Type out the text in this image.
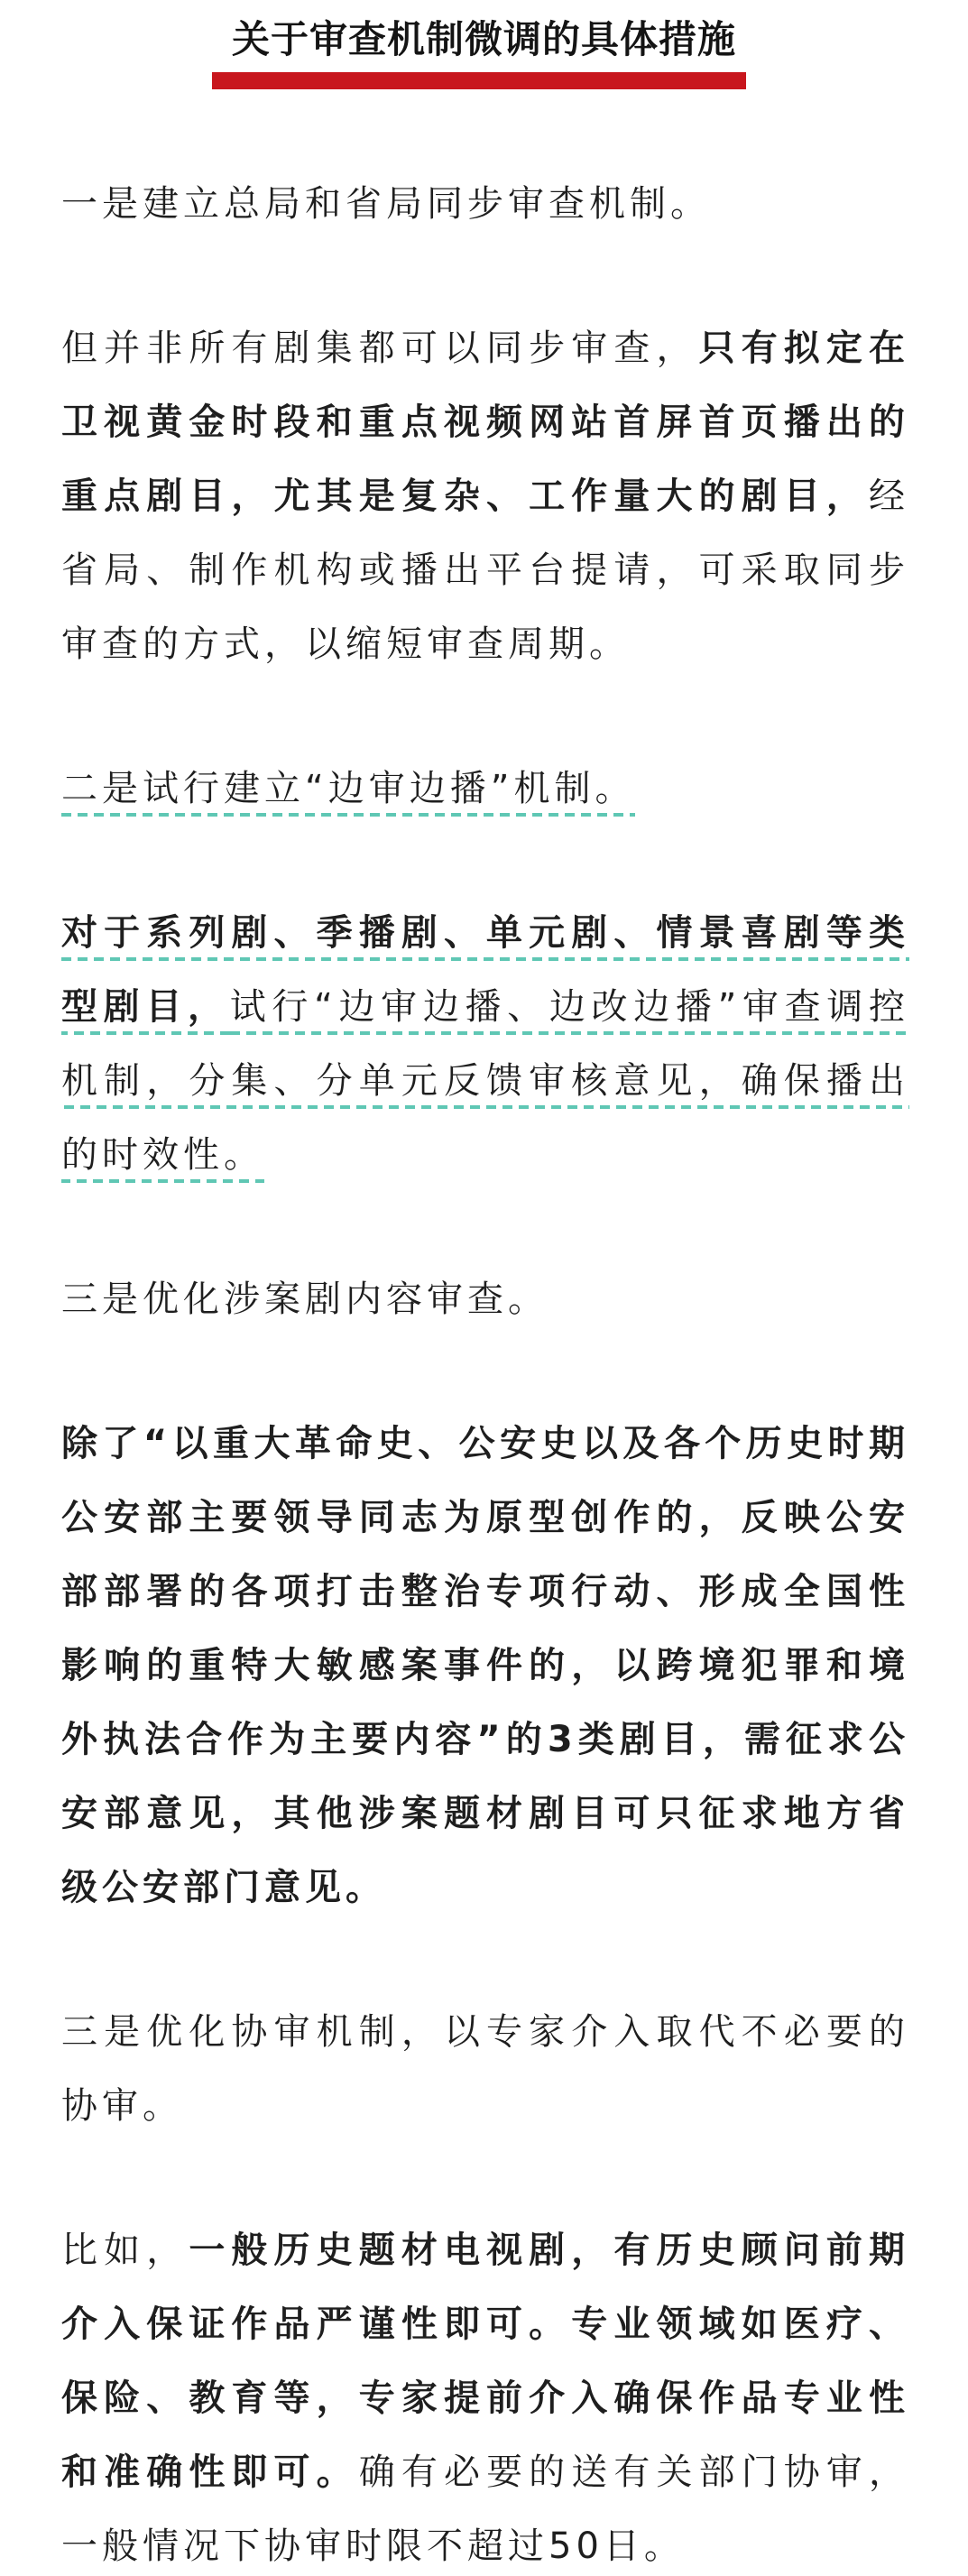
关于审查机制微调的具体措施

一是建立总局和省局同步审查机制。

但并非所有剧集都可以同步审查，只有拟定在卫视黄金时段和重点视频网站首屏首页播出的重点剧目，尤其是复杂、工作量大的剧目，经省局、制作机构或播出平台提请，可采取同步审查的方式，以缩短审查周期。

二是试行建立“边审边播”机制。

对于系列剧、季播剧、单元剧、情景喜剧等类型剧目，试行“边审边播、边改边播”审查调控机制，分集、分单元反馈审核意见，确保播出的时效性。

三是优化涉案剧内容审查。

除了“以重大革命史、公安史以及各个历史时期公安部主要领导同志为原型创作的，反映公安部部署的各项打击整治专项行动、形成全国性影响的重特大敏感案事件的，以跨境犯罪和境外执法合作为主要内容”的3类剧目，需征求公安部意见，其他涉案题材剧目可只征求地方省级公安部门意见。

三是优化协审机制，以专家介入取代不必要的协审。

比如，一般历史题材电视剧，有历史顾问前期介入保证作品严谨性即可。专业领域如医疗、保险、教育等，专家提前介入确保作品专业性和准确性即可。确有必要的送有关部门协审，一般情况下协审时限不超过50日。
